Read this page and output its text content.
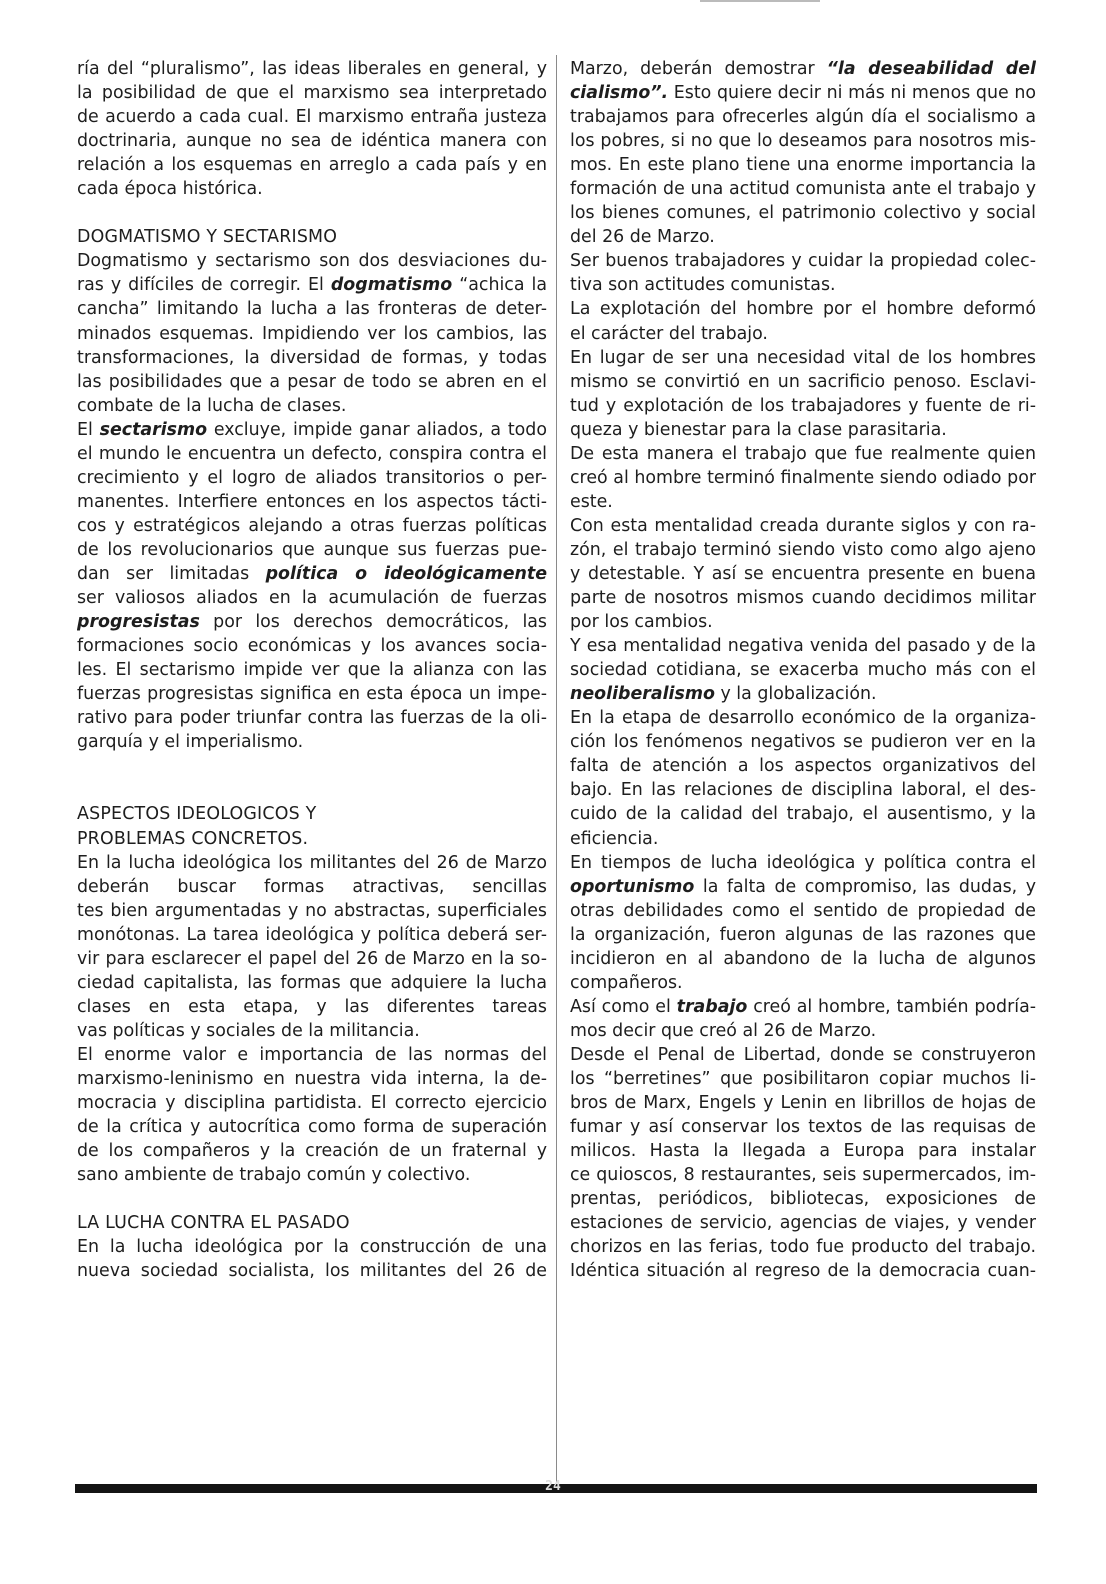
ría del “pluralismo”, las ideas liberales en general, y
la posibilidad de que el marxismo sea interpretado
de acuerdo a cada cual. El marxismo entraña justeza
doctrinaria, aunque no sea de idéntica manera con
relación a los esquemas en arreglo a cada país y en
cada época histórica.
DOGMATISMO Y SECTARISMO
Dogmatismo y sectarismo son dos desviaciones du-
ras y difíciles de corregir. El dogmatismo “achica la
cancha” limitando la lucha a las fronteras de deter-
minados esquemas. Impidiendo ver los cambios, las
transformaciones, la diversidad de formas, y todas
las posibilidades que a pesar de todo se abren en el
combate de la lucha de clases.
El sectarismo excluye, impide ganar aliados, a todo
el mundo le encuentra un defecto, conspira contra el
crecimiento y el logro de aliados transitorios o per-
manentes. Interfiere entonces en los aspectos tácti-
cos y estratégicos alejando a otras fuerzas políticas
de los revolucionarios que aunque sus fuerzas pue-
dan ser limitadas política o ideológicamente
ser valiosos aliados en la acumulación de fuerzas
progresistas por los derechos democráticos, las
formaciones socio económicas y los avances socia-
les. El sectarismo impide ver que la alianza con las
fuerzas progresistas significa en esta época un impe-
rativo para poder triunfar contra las fuerzas de la oli-
garquía y el imperialismo.
ASPECTOS IDEOLOGICOS Y
PROBLEMAS CONCRETOS.
En la lucha ideológica los militantes del 26 de Marzo
deberán buscar formas atractivas, sencillas
tes bien argumentadas y no abstractas, superficiales
monótonas. La tarea ideológica y política deberá ser-
vir para esclarecer el papel del 26 de Marzo en la so-
ciedad capitalista, las formas que adquiere la lucha
clases en esta etapa, y las diferentes tareas
vas políticas y sociales de la militancia.
El enorme valor e importancia de las normas del
marxismo-leninismo en nuestra vida interna, la de-
mocracia y disciplina partidista. El correcto ejercicio
de la crítica y autocrítica como forma de superación
de los compañeros y la creación de un fraternal y
sano ambiente de trabajo común y colectivo.
LA LUCHA CONTRA EL PASADO
En la lucha ideológica por la construcción de una
nueva sociedad socialista, los militantes del 26 de
Marzo, deberán demostrar “la deseabilidad del
cialismo”. Esto quiere decir ni más ni menos que no
trabajamos para ofrecerles algún día el socialismo a
los pobres, si no que lo deseamos para nosotros mis-
mos. En este plano tiene una enorme importancia la
formación de una actitud comunista ante el trabajo y
los bienes comunes, el patrimonio colectivo y social
del 26 de Marzo.
Ser buenos trabajadores y cuidar la propiedad colec-
tiva son actitudes comunistas.
La explotación del hombre por el hombre deformó
el carácter del trabajo.
En lugar de ser una necesidad vital de los hombres
mismo se convirtió en un sacrificio penoso. Esclavi-
tud y explotación de los trabajadores y fuente de ri-
queza y bienestar para la clase parasitaria.
De esta manera el trabajo que fue realmente quien
creó al hombre terminó finalmente siendo odiado por
este.
Con esta mentalidad creada durante siglos y con ra-
zón, el trabajo terminó siendo visto como algo ajeno
y detestable. Y así se encuentra presente en buena
parte de nosotros mismos cuando decidimos militar
por los cambios.
Y esa mentalidad negativa venida del pasado y de la
sociedad cotidiana, se exacerba mucho más con el
neoliberalismo y la globalización.
En la etapa de desarrollo económico de la organiza-
ción los fenómenos negativos se pudieron ver en la
falta de atención a los aspectos organizativos del
bajo. En las relaciones de disciplina laboral, el des-
cuido de la calidad del trabajo, el ausentismo, y la
eficiencia.
En tiempos de lucha ideológica y política contra el
oportunismo la falta de compromiso, las dudas, y
otras debilidades como el sentido de propiedad de
la organización, fueron algunas de las razones que
incidieron en al abandono de la lucha de algunos
compañeros.
Así como el trabajo creó al hombre, también podría-
mos decir que creó al 26 de Marzo.
Desde el Penal de Libertad, donde se construyeron
los “berretines” que posibilitaron copiar muchos li-
bros de Marx, Engels y Lenin en librillos de hojas de
fumar y así conservar los textos de las requisas de
milicos. Hasta la llegada a Europa para instalar
ce quioscos, 8 restaurantes, seis supermercados, im-
prentas, periódicos, bibliotecas, exposiciones de
estaciones de servicio, agencias de viajes, y vender
chorizos en las ferias, todo fue producto del trabajo.
Idéntica situación al regreso de la democracia cuan-
24
